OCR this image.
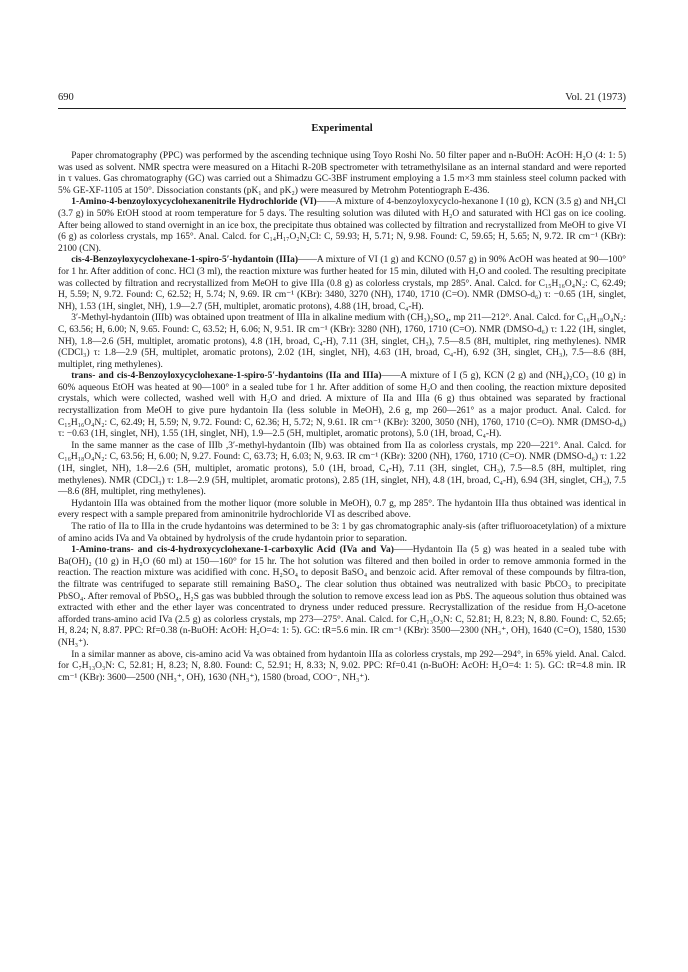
690	Vol. 21 (1973)
Experimental

Paper chromatography (PPC) was performed by the ascending technique using Toyo Roshi No. 50 filter paper and n-BuOH: AcOH: H₂O (4: 1: 5) was used as solvent. NMR spectra were measured on a Hitachi R-20B spectrometer with tetramethylsilane as an internal standard and were reported in τ values. Gas chromatography (GC) was carried out a Shimadzu GC-3BF instrument employing a 1.5 m×3 mm stainless steel column packed with 5% GE-XF-1105 at 150°. Dissociation constants (pK₁ and pK₂) were measured by Metrohm Potentiograph E-436.

1-Amino-4-benzoyloxycyclohexanenitrile Hydrochloride (VI)——A mixture of 4-benzoyloxycyclo-hexanone I (10 g), KCN (3.5 g) and NH₄Cl (3.7 g) in 50% EtOH stood at room temperature for 5 days. The resulting solution was diluted with H₂O and saturated with HCl gas on ice cooling. After being allowed to stand overnight in an ice box, the precipitate thus obtained was collected by filtration and recrystallized from MeOH to give VI (6 g) as colorless crystals, mp 165°. Anal. Calcd. for C₁₄H₁₇O₂N₂Cl: C, 59.93; H, 5.71; N, 9.98. Found: C, 59.65; H, 5.65; N, 9.72. IR cm⁻¹ (KBr): 2100 (CN).

cis-4-Benzoyloxycyclohexane-1-spiro-5′-hydantoin (IIIa)——A mixture of VI (1 g) and KCNO (0.57 g) in 90% AcOH was heated at 90—100° for 1 hr. After addition of conc. HCl (3 ml), the reaction mixture was further heated for 15 min, diluted with H₂O and cooled. The resulting precipitate was collected by filtration and recrystallized from MeOH to give IIIa (0.8 g) as colorless crystals, mp 285°. Anal. Calcd. for C₁₅H₁₆O₄N₂: C, 62.49; H, 5.59; N, 9.72. Found: C, 62.52; H, 5.74; N, 9.69. IR cm⁻¹ (KBr): 3480, 3270 (NH), 1740, 1710 (C=O). NMR (DMSO-d₆) τ: −0.65 (1H, singlet, NH), 1.53 (1H, singlet, NH), 1.9—2.7 (5H, multiplet, aromatic protons), 4.88 (1H, broad, C₄-H).

3′-Methyl-hydantoin (IIIb) was obtained upon treatment of IIIa in alkaline medium with (CH₃)₂SO₄, mp 211—212°. Anal. Calcd. for C₁₆H₁₈O₄N₂: C, 63.56; H, 6.00; N, 9.65. Found: C, 63.52; H, 6.06; N, 9.51. IR cm⁻¹ (KBr): 3280 (NH), 1760, 1710 (C=O). NMR (DMSO-d₆) τ: 1.22 (1H, singlet, NH), 1.8—2.6 (5H, multiplet, aromatic protons), 4.8 (1H, broad, C₄-H), 7.11 (3H, singlet, CH₃), 7.5—8.5 (8H, multiplet, ring methylenes). NMR (CDCl₃) τ: 1.8—2.9 (5H, multiplet, aromatic protons), 2.02 (1H, singlet, NH), 4.63 (1H, broad, C₄-H), 6.92 (3H, singlet, CH₃), 7.5—8.6 (8H, multiplet, ring methylenes).

trans- and cis-4-Benzoyloxycyclohexane-1-spiro-5′-hydantoins (IIa and IIIa)——A mixture of I (5 g), KCN (2 g) and (NH₄)₂CO₃ (10 g) in 60% aqueous EtOH was heated at 90—100° in a sealed tube for 1 hr. After addition of some H₂O and then cooling, the reaction mixture deposited crystals, which were collected, washed well with H₂O and dried. A mixture of IIa and IIIa (6 g) thus obtained was separated by fractional recrystallization from MeOH to give pure hydantoin IIa (less soluble in MeOH), 2.6 g, mp 260—261° as a major product. Anal. Calcd. for C₁₅H₁₆O₄N₂: C, 62.49; H, 5.59; N, 9.72. Found: C, 62.36; H, 5.72; N, 9.61. IR cm⁻¹ (KBr): 3200, 3050 (NH), 1760, 1710 (C=O). NMR (DMSO-d₆) τ: −0.63 (1H, singlet, NH), 1.55 (1H, singlet, NH), 1.9—2.5 (5H, multiplet, aromatic protons), 5.0 (1H, broad, C₄-H).

In the same manner as the case of IIIb ,3′-methyl-hydantoin (IIb) was obtained from IIa as colorless crystals, mp 220—221°. Anal. Calcd. for C₁₆H₁₈O₄N₂: C, 63.56; H, 6.00; N, 9.27. Found: C, 63.73; H, 6.03; N, 9.63. IR cm⁻¹ (KBr): 3200 (NH), 1760, 1710 (C=O). NMR (DMSO-d₆) τ: 1.22 (1H, singlet, NH), 1.8—2.6 (5H, multiplet, aromatic protons), 5.0 (1H, broad, C₄-H), 7.11 (3H, singlet, CH₃), 7.5—8.5 (8H, multiplet, ring methylenes). NMR (CDCl₃) τ: 1.8—2.9 (5H, multiplet, aromatic protons), 2.85 (1H, singlet, NH), 4.8 (1H, broad, C₄-H), 6.94 (3H, singlet, CH₃), 7.5—8.6 (8H, multiplet, ring methylenes).

Hydantoin IIIa was obtained from the mother liquor (more soluble in MeOH), 0.7 g, mp 285°. The hydantoin IIIa thus obtained was identical in every respect with a sample prepared from aminonitrile hydrochloride VI as described above.

The ratio of IIa to IIIa in the crude hydantoins was determined to be 3: 1 by gas chromatographic analy-sis (after trifluoroacetylation) of a mixture of amino acids IVa and Va obtained by hydrolysis of the crude hydantoin prior to separation.

1-Amino-trans- and cis-4-hydroxycyclohexane-1-carboxylic Acid (IVa and Va)——Hydantoin IIa (5 g) was heated in a sealed tube with Ba(OH)₂ (10 g) in H₂O (60 ml) at 150—160° for 15 hr. The hot solution was filtered and then boiled in order to remove ammonia formed in the reaction. The reaction mixture was acidified with conc. H₂SO₄ to deposit BaSO₄ and benzoic acid. After removal of these compounds by filtra-tion, the filtrate was centrifuged to separate still remaining BaSO₄. The clear solution thus obtained was neutralized with basic PbCO₃ to precipitate PbSO₄. After removal of PbSO₄, H₂S gas was bubbled through the solution to remove excess lead ion as PbS. The aqueous solution thus obtained was extracted with ether and the ether layer was concentrated to dryness under reduced pressure. Recrystallization of the residue from H₂O-acetone afforded trans-amino acid IVa (2.5 g) as colorless crystals, mp 273—275°. Anal. Calcd. for C₇H₁₃O₃N: C, 52.81; H, 8.23; N, 8.80. Found: C, 52.65; H, 8.24; N, 8.87. PPC: Rf=0.38 (n-BuOH: AcOH: H₂O=4: 1: 5). GC: tR=5.6 min. IR cm⁻¹ (KBr): 3500—2300 (NH₃⁺, OH), 1640 (C=O), 1580, 1530 (NH₃⁺).

In a similar manner as above, cis-amino acid Va was obtained from hydantoin IIIa as colorless crystals, mp 292—294°, in 65% yield. Anal. Calcd. for C₇H₁₃O₃N: C, 52.81; H, 8.23; N, 8.80. Found: C, 52.91; H, 8.33; N, 9.02. PPC: Rf=0.41 (n-BuOH: AcOH: H₂O=4: 1: 5). GC: tR=4.8 min. IR cm⁻¹ (KBr): 3600—2500 (NH₃⁺, OH), 1630 (NH₃⁺), 1580 (broad, COO⁻, NH₃⁺).
